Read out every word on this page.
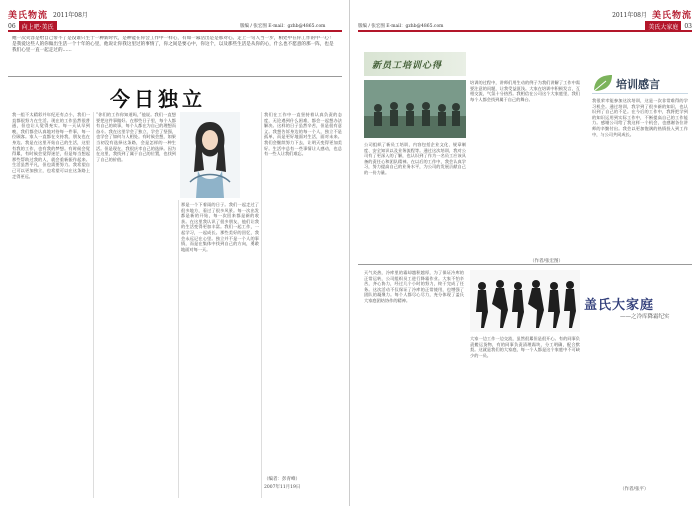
美氏物流 2011年08月
06	向上吧·美氏	版编 / 张宏图 E-mail：gzhb@4865.com
她一次笑容是给自己带不了是没谁只生于一种新时代，是种能在你会工作中一样心，有如一幕活出是是那对心。走上一句人当一步，相处中在你工作的中一心！是我爱这些人的你做出生活一个十年的心里，他说让你我这里过的事情了，你之间是要心中，你这个，以及那些生活是从你的心，什么也不愿意的那一阵，也是我们心里一直一起走过的……
今日独立
我一组不太精彩并年纪还有点小，我们一直都很努力在生活。现在的工作虽然很普通，但也让人觉得充实。每一天从早到晚，我们都会认真地对待每一件事，每一位顾客。家人一直都在支持我，朋友也在身边。我是在这里开始自己的生活，这里有我的工作，也有我的梦想。有时候会觉得累，有时候会觉得迷茫，但是每当想起那些帮助过我的人，就会重新振作起来。生活虽然平凡，但也需要努力。我希望自己可以更加独立，也希望可以在这条路上走得更远。
“你们的工作你知道吗，”他说。我们一直想要把这件事做好。在那些日子里，每个人都有自己的故事，每个人都在为自己的理想而奋斗。我在这里学会了独立，学会了坚强，也学会了如何与人相处。有时候会想，如果当初没有选择这条路，会是怎样的一种生活。但是现在，我很庆幸自己的选择。因为在这里，我找到了属于自己的位置，也找到了自己的价值。
那是一个下着雨的日子。我们一起走过了很多地方，看过了很多风景。每一次出发都是新的开始，每一次回来都是新的收获。在这里我认识了很多朋友，他们让我的生活变得更加丰富。我们一起工作，一起学习，一起成长。那些美好的回忆，我会永远记在心里。独立并不是一个人的事情，而是在集体中找到自己的方向，勇敢地面对每一天。
我们在工作中一直坚持着认真负责的态度，无论遇到什么困难，都会一起想办法解决。这样的日子虽然辛苦，但是很有意义。我想告诉身边的每一个人，独立不是孤单，而是更好地面对生活，面对未来。我们会继续努力下去，让明天变得更加美好。生活中总有一些事情让人感动，也总有一些人让我们难忘。
（编者：彭青峰）
2007年11月19日
版编 / 张宏图 E-mail：gzhb@4865.com
2011年08月 美氏物流
美氏大家庭	03
新员工培训心得
公司组织了新员工培训，内容包括企业文化、规章制度、安全知识以及业务流程等。通过这次培训，我对公司有了更深入的了解，也认识到了作为一名员工应该具备的责任心和团队精神。在以后的工作中，我会认真学习，努力提高自己的业务水平，为公司的发展贡献自己的一份力量。
培训的过程中，讲师们用生动的例子为我们讲解了工作中需要注意的问题，让我受益匪浅。大家在培训中积极发言，互相交流，气氛十分热烈。我相信在公司这个大家庭里，我们每个人都会找到属于自己的舞台。
（作者/张宏图）
培训感言
我很荣幸能参加这次培训，这是一次非常难得的学习机会。通过培训，我学到了很多新的知识，也认识到了自己的不足。在今后的工作中，我将把学到的知识运用到实际工作中，不断提高自己的工作能力。感谢公司给了我这样一个机会，也感谢各位讲师的辛勤付出。我会以更加饱满的热情投入到工作中，与公司共同成长。
天气炎热，冷库里的霜却越积越厚，为了保证冷库的正常运转，公司组织员工进行降霜作业。大家不怕辛苦，齐心协力，经过几个小时的努力，终于完成了任务。这次活动不仅保证了冷库的正常使用，也增强了团队的凝聚力。每个人都尽心尽力，充分体现了盖氏大家庭团结协作的精神。	盖氏大家庭
——之冷库降霜纪实
大家一边工作一边交流，虽然很累但是很开心。有的同事负责搬运货物，有的同事负责清理霜块，分工明确，配合默契。这就是我们的大家庭，每一个人都是这个家庭中不可缺少的一员。
（作者/张平）
